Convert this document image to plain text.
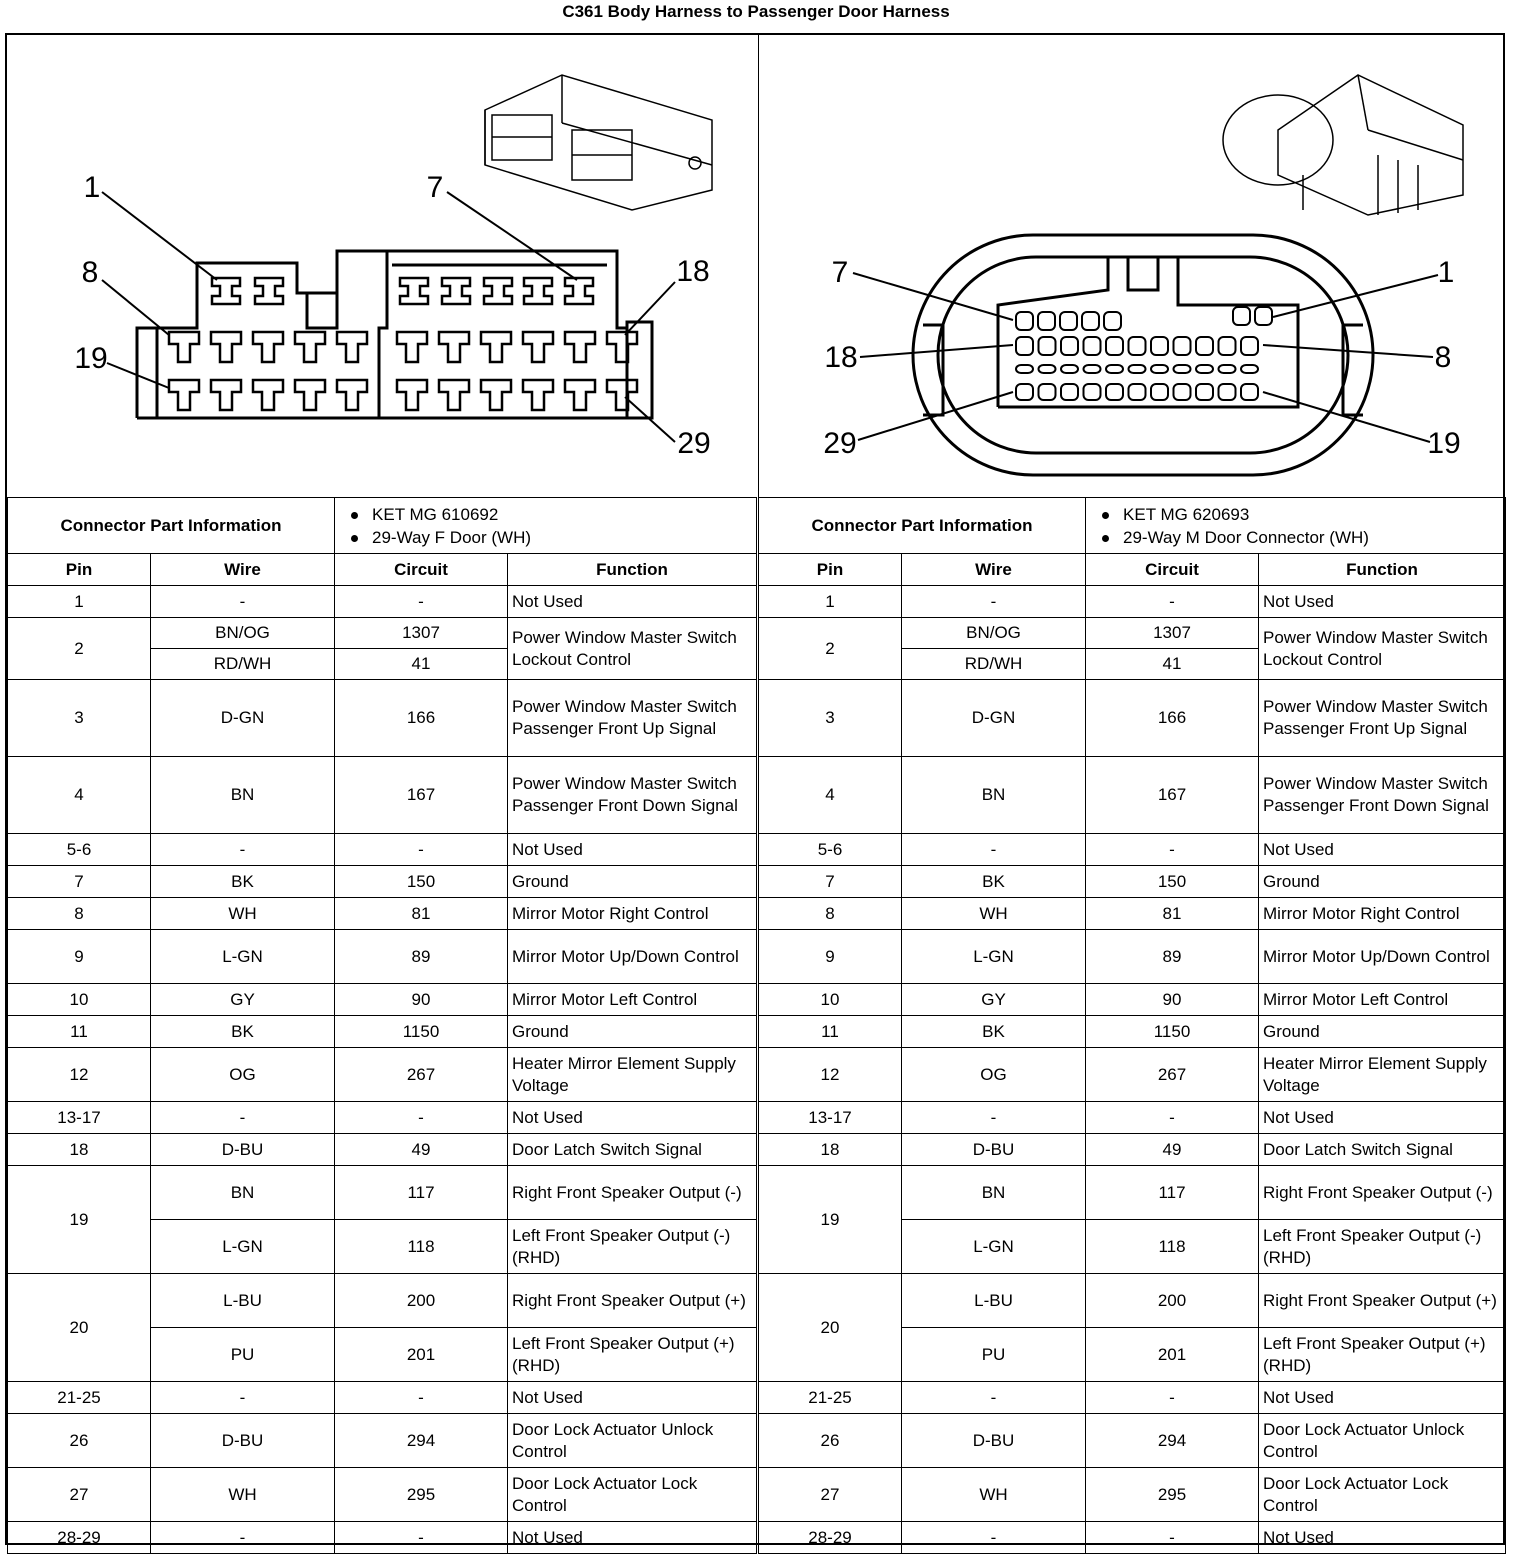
C361 Body Harness to Passenger Door Harness
1	7
8	18
19
29
7	1
18	8
29	19
Connector Part Information		KET MG 610692
29-Way F Door (WH)	

Pin	Wire	Circuit	Function
1	-	-	Not Used
2	BN/OG	1307	Power Window Master Switch Lockout Control
	RD/WH	41	
3	D-GN	166	Power Window Master Switch Passenger Front Up Signal
4	BN	167	Power Window Master Switch Passenger Front Down Signal
5-6	-	-	Not Used
7	BK	150	Ground
8	WH	81	Mirror Motor Right Control
9	L-GN	89	Mirror Motor Up/Down Control
10	GY	90	Mirror Motor Left Control
11	BK	1150	Ground
12	OG	267	Heater Mirror Element Supply Voltage
13-17	-	-	Not Used
18	D-BU	49	Door Latch Switch Signal
19	BN	117	Right Front Speaker Output (-)
	L-GN	118	Left Front Speaker Output (-) (RHD)
20	L-BU	200	Right Front Speaker Output (+)
	PU	201	Left Front Speaker Output (+) (RHD)
21-25	-	-	Not Used
26	D-BU	294	Door Lock Actuator Unlock Control
27	WH	295	Door Lock Actuator Lock Control
28-29	-	-	Not Used
Connector Part Information		KET MG 620693
29-Way M Door Connector (WH)	

Pin	Wire	Circuit	Function
1	-	-	Not Used
2	BN/OG	1307	Power Window Master Switch Lockout Control
	RD/WH	41	
3	D-GN	166	Power Window Master Switch Passenger Front Up Signal
4	BN	167	Power Window Master Switch Passenger Front Down Signal
5-6	-	-	Not Used
7	BK	150	Ground
8	WH	81	Mirror Motor Right Control
9	L-GN	89	Mirror Motor Up/Down Control
10	GY	90	Mirror Motor Left Control
11	BK	1150	Ground
12	OG	267	Heater Mirror Element Supply Voltage
13-17	-	-	Not Used
18	D-BU	49	Door Latch Switch Signal
19	BN	117	Right Front Speaker Output (-)
	L-GN	118	Left Front Speaker Output (-) (RHD)
20	L-BU	200	Right Front Speaker Output (+)
	PU	201	Left Front Speaker Output (+) (RHD)
21-25	-	-	Not Used
26	D-BU	294	Door Lock Actuator Unlock Control
27	WH	295	Door Lock Actuator Lock Control
28-29	-	-	Not Used
